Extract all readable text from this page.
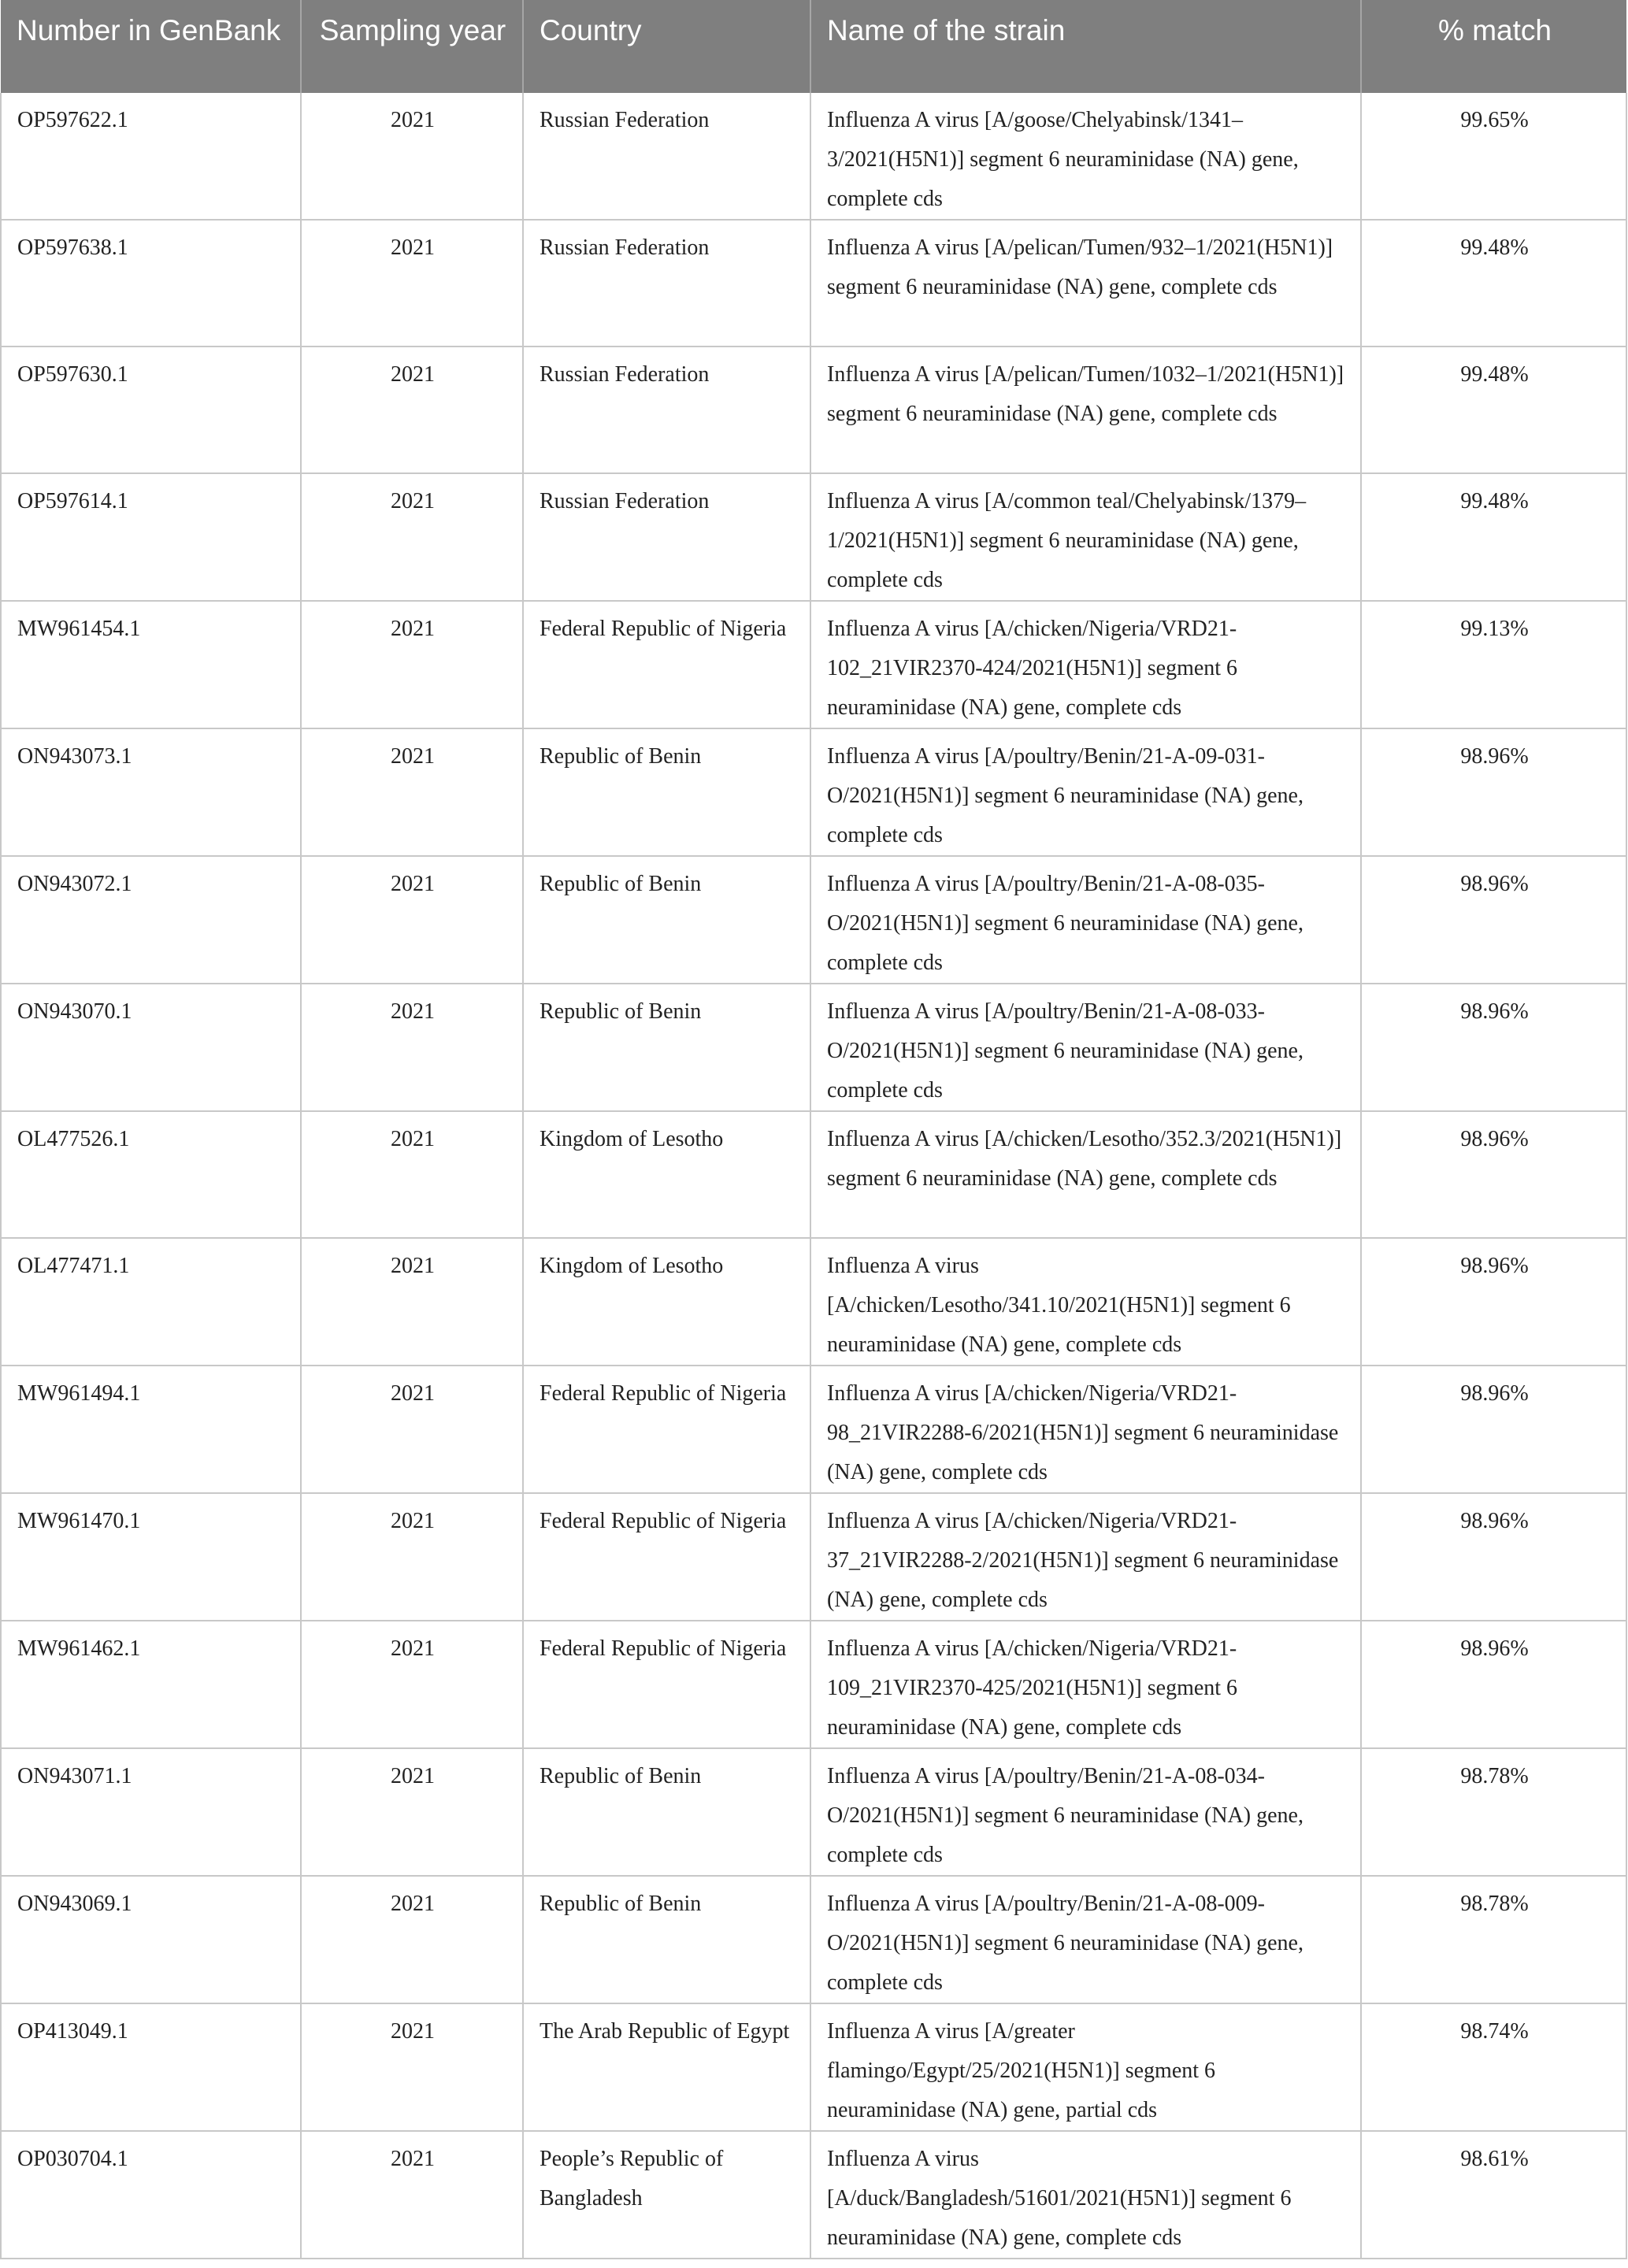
Number in GenBank	Sampling year	Country	Name of the strain	% match
OP597622.1	2021	Russian Federation	Influenza A virus [A/goose/Chelyabinsk/1341–3/2021(H5N1)] segment 6 neuraminidase (NA) gene, complete cds	99.65%
OP597638.1	2021	Russian Federation	Influenza A virus [A/pelican/Tumen/932–1/2021(H5N1)] segment 6 neuraminidase (NA) gene, complete cds	99.48%
OP597630.1	2021	Russian Federation	Influenza A virus [A/pelican/Tumen/1032–1/2021(H5N1)] segment 6 neuraminidase (NA) gene, complete cds	99.48%
OP597614.1	2021	Russian Federation	Influenza A virus [A/common teal/Chelyabinsk/1379–1/2021(H5N1)] segment 6 neuraminidase (NA) gene, complete cds	99.48%
MW961454.1	2021	Federal Republic of Nigeria	Influenza A virus [A/chicken/Nigeria/VRD21-102_21VIR2370-424/2021(H5N1)] segment 6 neuraminidase (NA) gene, complete cds	99.13%
ON943073.1	2021	Republic of Benin	Influenza A virus [A/poultry/Benin/21-A-09-031-O/2021(H5N1)] segment 6 neuraminidase (NA) gene, complete cds	98.96%
ON943072.1	2021	Republic of Benin	Influenza A virus [A/poultry/Benin/21-A-08-035-O/2021(H5N1)] segment 6 neuraminidase (NA) gene, complete cds	98.96%
ON943070.1	2021	Republic of Benin	Influenza A virus [A/poultry/Benin/21-A-08-033-O/2021(H5N1)] segment 6 neuraminidase (NA) gene, complete cds	98.96%
OL477526.1	2021	Kingdom of Lesotho	Influenza A virus [A/chicken/Lesotho/352.3/2021(H5N1)] segment 6 neuraminidase (NA) gene, complete cds	98.96%
OL477471.1	2021	Kingdom of Lesotho	Influenza A virus [A/chicken/Lesotho/341.10/2021(H5N1)] segment 6 neuraminidase (NA) gene, complete cds	98.96%
MW961494.1	2021	Federal Republic of Nigeria	Influenza A virus [A/chicken/Nigeria/VRD21-98_21VIR2288-6/2021(H5N1)] segment 6 neuraminidase (NA) gene, complete cds	98.96%
MW961470.1	2021	Federal Republic of Nigeria	Influenza A virus [A/chicken/Nigeria/VRD21-37_21VIR2288-2/2021(H5N1)] segment 6 neuraminidase (NA) gene, complete cds	98.96%
MW961462.1	2021	Federal Republic of Nigeria	Influenza A virus [A/chicken/Nigeria/VRD21-109_21VIR2370-425/2021(H5N1)] segment 6 neuraminidase (NA) gene, complete cds	98.96%
ON943071.1	2021	Republic of Benin	Influenza A virus [A/poultry/Benin/21-A-08-034-O/2021(H5N1)] segment 6 neuraminidase (NA) gene, complete cds	98.78%
ON943069.1	2021	Republic of Benin	Influenza A virus [A/poultry/Benin/21-A-08-009-O/2021(H5N1)] segment 6 neuraminidase (NA) gene, complete cds	98.78%
OP413049.1	2021	The Arab Republic of Egypt	Influenza A virus [A/greater flamingo/Egypt/25/2021(H5N1)] segment 6 neuraminidase (NA) gene, partial cds	98.74%
OP030704.1	2021	People’s Republic of Bangladesh	Influenza A virus [A/duck/Bangladesh/51601/2021(H5N1)] segment 6 neuraminidase (NA) gene, complete cds	98.61%
